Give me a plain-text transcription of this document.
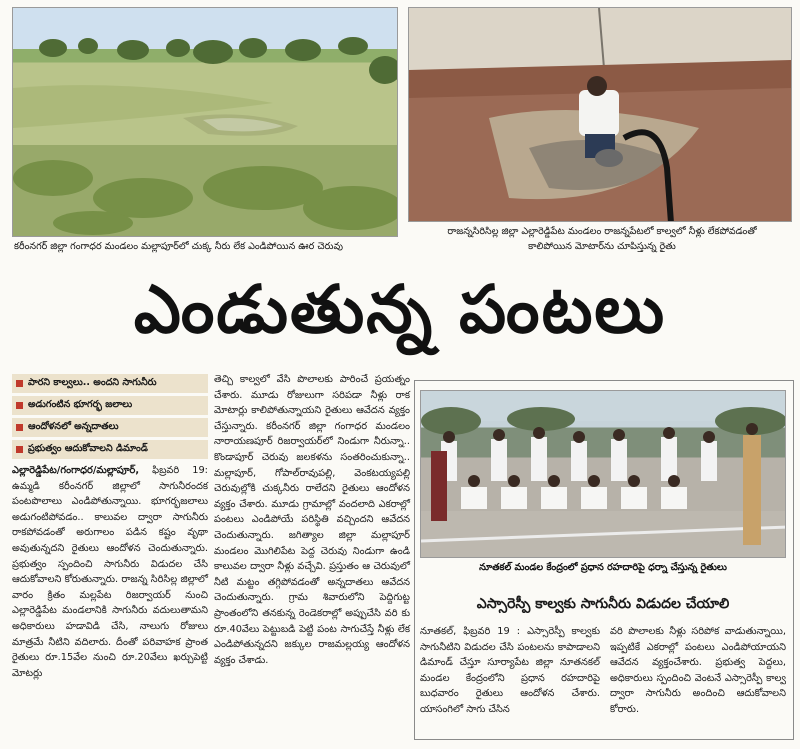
కరీంనగర్ జిల్లా గంగాధర మండలం మల్లాపూర్‌లో చుక్క నీరు లేక ఎండిపోయిన ఊర చెరువు
రాజన్నసిరిసిల్ల జిల్లా ఎల్లారెడ్డిపేట మండలం రాజన్నపేటలో కాల్వలో నీళ్లు లేకపోవడంతో
కాలిపోయిన మోటార్‌ను చూపిస్తున్న రైతు
ఎండుతున్న పంటలు
పారని కాల్వలు.. అందని సాగునీరు
అడుగంటిన భూగర్భ జలాలు
ఆందోళనలో అన్నదాతలు
ప్రభుత్వం ఆదుకోవాలని డిమాండ్
ఎల్లారెడ్డిపేట/గంగాధర/మల్లాపూర్, ఫిబ్రవరి 19: ఉమ్మడి కరీంనగర్ జిల్లాలో సాగునీరందక పంటపొలాలు ఎండిపోతున్నాయి. భూగర్భజలాలు అడుగంటిపోవడం.. కాలువల ద్వారా సాగునీరు రాకపోవడంతో అరుగాలం పడిన కష్టం వృథా అవుతున్నదని రైతులు ఆందోళన చెందుతున్నారు. ప్రభుత్వం స్పందించి సాగునీరు విడుదల చేసి ఆదుకోవాలని కోరుతున్నారు. రాజన్న సిరిసిల్ల జిల్లాలో వారం క్రితం మల్లపేట రిజర్వాయర్ నుంచి ఎల్లారెడ్డిపేట మండలానికి సాగునీరు వదులుతామని అధికారులు హడావిడి చేసి, నాలుగు రోజులు మాత్రమే నీటిని వదిలారు. దీంతో పరివాహక ప్రాంత రైతులు రూ.15వేల నుంచి రూ.20వేలు ఖర్చుపెట్టి మోటర్లు
తెచ్చి కాల్వలో వేసి పొలాలకు పారించే ప్రయత్నం చేశారు. మూడు రోజులుగా సరిపడా నీళ్లు రాక మోటార్లు కాలిపోతున్నాయని రైతులు ఆవేదన వ్యక్తం చేస్తున్నారు. కరీంనగర్ జిల్లా గంగాధర మండలం నారాయణపూర్ రిజర్వాయర్‌లో నిండుగా నీరున్నా.. కొండాపూర్ చెరువు జలకళను సంతరించుకున్నా.. మల్లాపూర్, గోపాల్‌రావుపల్లి, వెంకటయ్యపల్లి చెరువుల్లోకి చుక్కనీరు రాలేదని రైతులు ఆందోళన వ్యక్తం చేశారు. మూడు గ్రామాల్లో వందలాది ఎకరాల్లో పంటలు ఎండిపోయే పరిస్థితి వచ్చిందని ఆవేదన చెందుతున్నారు. జగిత్యాల జిల్లా మల్లాపూర్ మండలం మొగిలిపేట పెద్ద చెరువు నిండుగా ఉండి కాలువల ద్వారా నీళ్లు వచ్చేవి. ప్రస్తుతం ఆ చెరువులో నీటి మట్టం తగ్గిపోవడంతో అన్నదాతలు ఆవేదన చెందుతున్నారు. గ్రామ శివారులోని పెద్దిగుట్ట ప్రాంతంలోని తనకున్న రెండెకరాల్లో అప్పుచేసి వరి కు రూ.40వేలు పెట్టుబడి పెట్టి పంట సాగుచేస్తే నీళ్లు లేక ఎండిపోతున్నదని జక్కుల రాజమల్లయ్య ఆందోళన వ్యక్తం చేశాడు.
నూతకల్ మండల కేంద్రంలో ప్రధాన రహదారిపై ధర్నా చేస్తున్న రైతులు
ఎస్సారెస్పీ కాల్వకు సాగునీరు విడుదల చేయాలి
నూతకల్, ఫిబ్రవరి 19 : ఎస్సారెస్పీ కాల్వకు సాగునీటిని విడుదల చేసి పంటలను కాపాడాలని డిమాండ్ చేస్తూ సూర్యాపేట జిల్లా నూతనకల్ మండల కేంద్రంలోని ప్రధాన రహదారిపై బుధవారం రైతులు ఆందోళన చేశారు. యాసంగిలో సాగు చేసిన
వరి పొలాలకు నీళ్లు సరిపోక వాడుతున్నాయి, ఇప్పటికే ఎకరాల్లో పంటలు ఎండిపోయాయని ఆవేదన వ్యక్తంచేశారు. ప్రభుత్వ పెద్దలు, అధికారులు స్పందించి వెంటనే ఎస్సారెస్పీ కాల్వ ద్వారా సాగునీరు అందించి ఆదుకోవాలని కోరారు.
